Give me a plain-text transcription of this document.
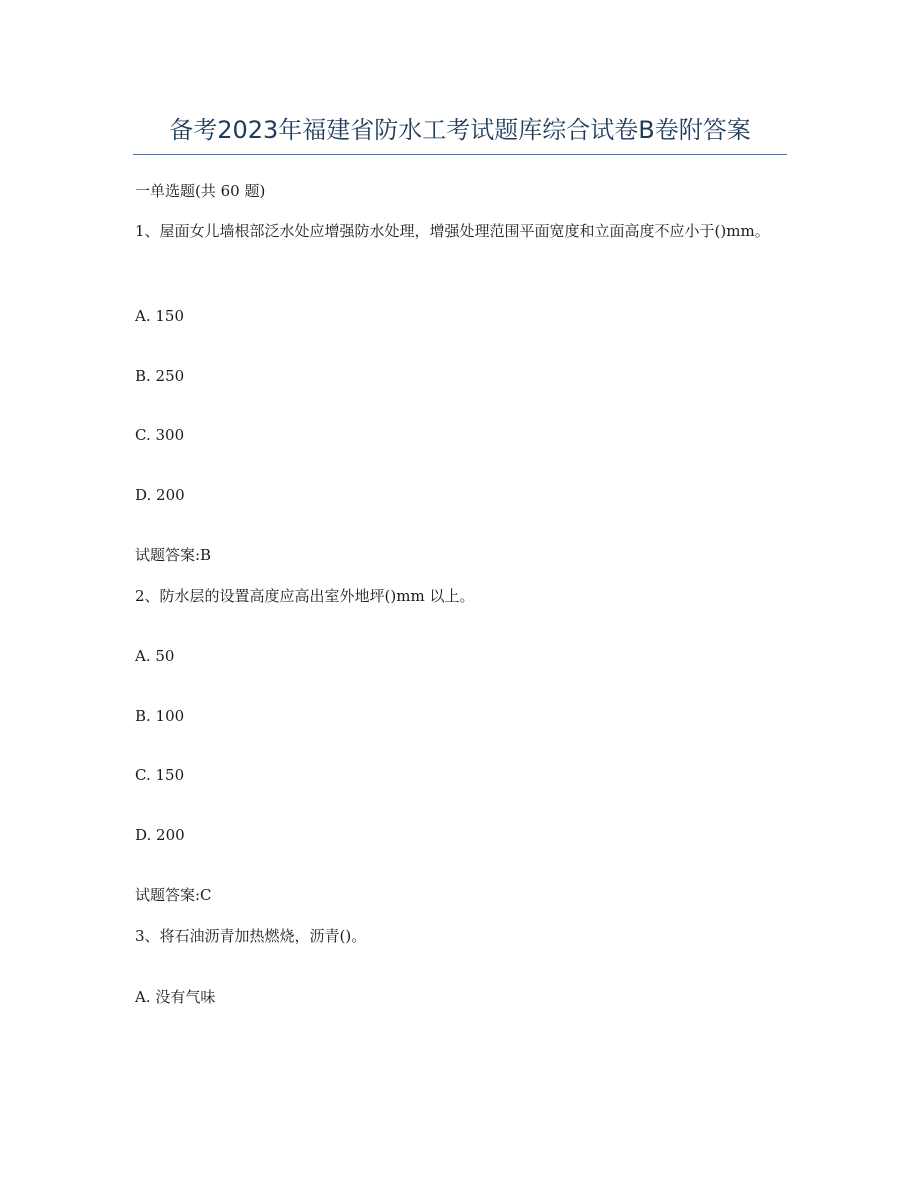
备考2023年福建省防水工考试题库综合试卷B卷附答案
一单选题(共 60 题)
1、屋面女儿墙根部泛水处应增强防水处理，增强处理范围平面宽度和立面高度不应小于()mm。
A. 150
B. 250
C. 300
D. 200
试题答案:B
2、防水层的设置高度应高出室外地坪()mm 以上。
A. 50
B. 100
C. 150
D. 200
试题答案:C
3、将石油沥青加热燃烧，沥青()。
A. 没有气味
